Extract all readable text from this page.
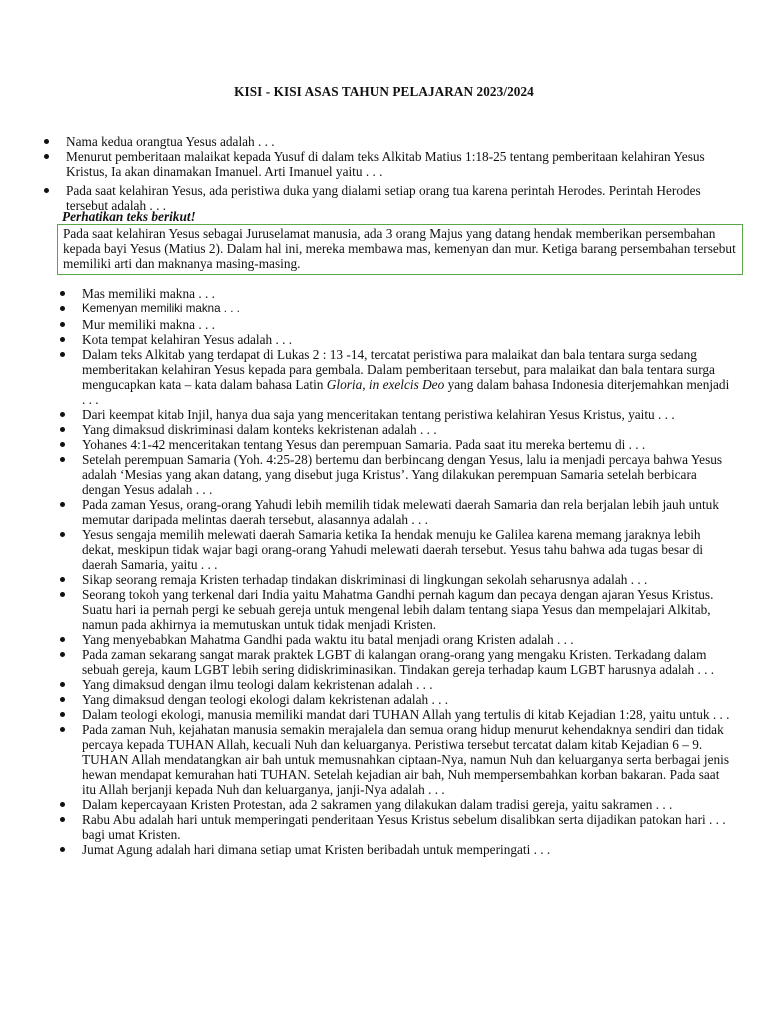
KISI - KISI ASAS TAHUN PELAJARAN 2023/2024
Nama kedua orangtua Yesus adalah . . .
Menurut pemberitaan malaikat kepada Yusuf di dalam teks Alkitab Matius 1:18-25 tentang pemberitaan kelahiran Yesus Kristus, Ia akan dinamakan Imanuel. Arti Imanuel yaitu . . .
Pada saat kelahiran Yesus, ada peristiwa duka yang dialami setiap orang tua karena perintah Herodes. Perintah Herodes tersebut adalah . . .
Perhatikan teks berikut!
Pada saat kelahiran Yesus sebagai Juruselamat manusia, ada 3 orang Majus yang datang hendak memberikan persembahan kepada bayi Yesus (Matius 2). Dalam hal ini, mereka membawa mas, kemenyan dan mur. Ketiga barang persembahan tersebut memiliki arti dan maknanya masing-masing.
Mas memiliki makna . . .
Kemenyan memiliki makna . . .
Mur memiliki makna . . .
Kota tempat kelahiran Yesus adalah . . .
Dalam teks Alkitab yang terdapat di Lukas 2 : 13 -14, tercatat peristiwa para malaikat dan bala tentara surga sedang memberitakan kelahiran Yesus kepada para gembala. Dalam pemberitaan tersebut, para malaikat dan bala tentara surga mengucapkan kata – kata dalam bahasa Latin Gloria, in exelcis Deo yang dalam bahasa Indonesia diterjemahkan menjadi . . .
Dari keempat kitab Injil, hanya dua saja yang menceritakan tentang peristiwa kelahiran Yesus Kristus, yaitu . . .
Yang dimaksud diskriminasi dalam konteks kekristenan adalah . . .
Yohanes 4:1-42 menceritakan tentang Yesus dan perempuan Samaria. Pada saat itu mereka bertemu di . . .
Setelah perempuan Samaria (Yoh. 4:25-28) bertemu dan berbincang dengan Yesus, lalu ia menjadi percaya bahwa Yesus adalah ‘Mesias yang akan datang, yang disebut juga Kristus’. Yang dilakukan perempuan Samaria setelah berbicara dengan Yesus adalah . . .
Pada zaman Yesus, orang-orang Yahudi lebih memilih tidak melewati daerah Samaria dan rela berjalan lebih jauh untuk memutar daripada melintas daerah tersebut, alasannya adalah . . .
Yesus sengaja memilih melewati daerah Samaria ketika Ia hendak menuju ke Galilea karena memang jaraknya lebih dekat, meskipun tidak wajar bagi orang-orang Yahudi melewati daerah tersebut. Yesus tahu bahwa ada tugas besar di daerah Samaria, yaitu . . .
Sikap seorang remaja Kristen terhadap tindakan diskriminasi di lingkungan sekolah seharusnya adalah . . .
Seorang tokoh yang terkenal dari India yaitu Mahatma Gandhi pernah kagum dan pecaya dengan ajaran Yesus Kristus. Suatu hari ia pernah pergi ke sebuah gereja untuk mengenal lebih dalam tentang siapa Yesus dan mempelajari Alkitab, namun pada akhirnya ia memutuskan untuk tidak menjadi Kristen.
Yang menyebabkan Mahatma Gandhi pada waktu itu batal menjadi orang Kristen adalah . . .
Pada zaman sekarang sangat marak praktek LGBT di kalangan orang-orang yang mengaku Kristen. Terkadang dalam sebuah gereja, kaum LGBT lebih sering didiskriminasikan. Tindakan gereja terhadap kaum LGBT harusnya adalah . . .
Yang dimaksud dengan ilmu teologi dalam kekristenan adalah . . .
Yang dimaksud dengan teologi ekologi dalam kekristenan adalah . . .
Dalam teologi ekologi, manusia memiliki mandat dari TUHAN Allah yang tertulis di kitab Kejadian 1:28, yaitu untuk . . .
Pada zaman Nuh, kejahatan manusia semakin merajalela dan semua orang hidup menurut kehendaknya sendiri dan tidak percaya kepada TUHAN Allah, kecuali Nuh dan keluarganya. Peristiwa tersebut tercatat dalam kitab Kejadian 6 – 9. TUHAN Allah mendatangkan air bah untuk memusnahkan ciptaan-Nya, namun Nuh dan keluarganya serta berbagai jenis hewan mendapat kemurahan hati TUHAN. Setelah kejadian air bah, Nuh mempersembahkan korban bakaran. Pada saat itu Allah berjanji kepada Nuh dan keluarganya, janji-Nya adalah . . .
Dalam kepercayaan Kristen Protestan, ada 2 sakramen yang dilakukan dalam tradisi gereja, yaitu sakramen . . .
Rabu Abu adalah hari untuk memperingati penderitaan Yesus Kristus sebelum disalibkan serta dijadikan patokan hari . . . bagi umat Kristen.
Jumat Agung adalah hari dimana setiap umat Kristen beribadah untuk memperingati . . .
